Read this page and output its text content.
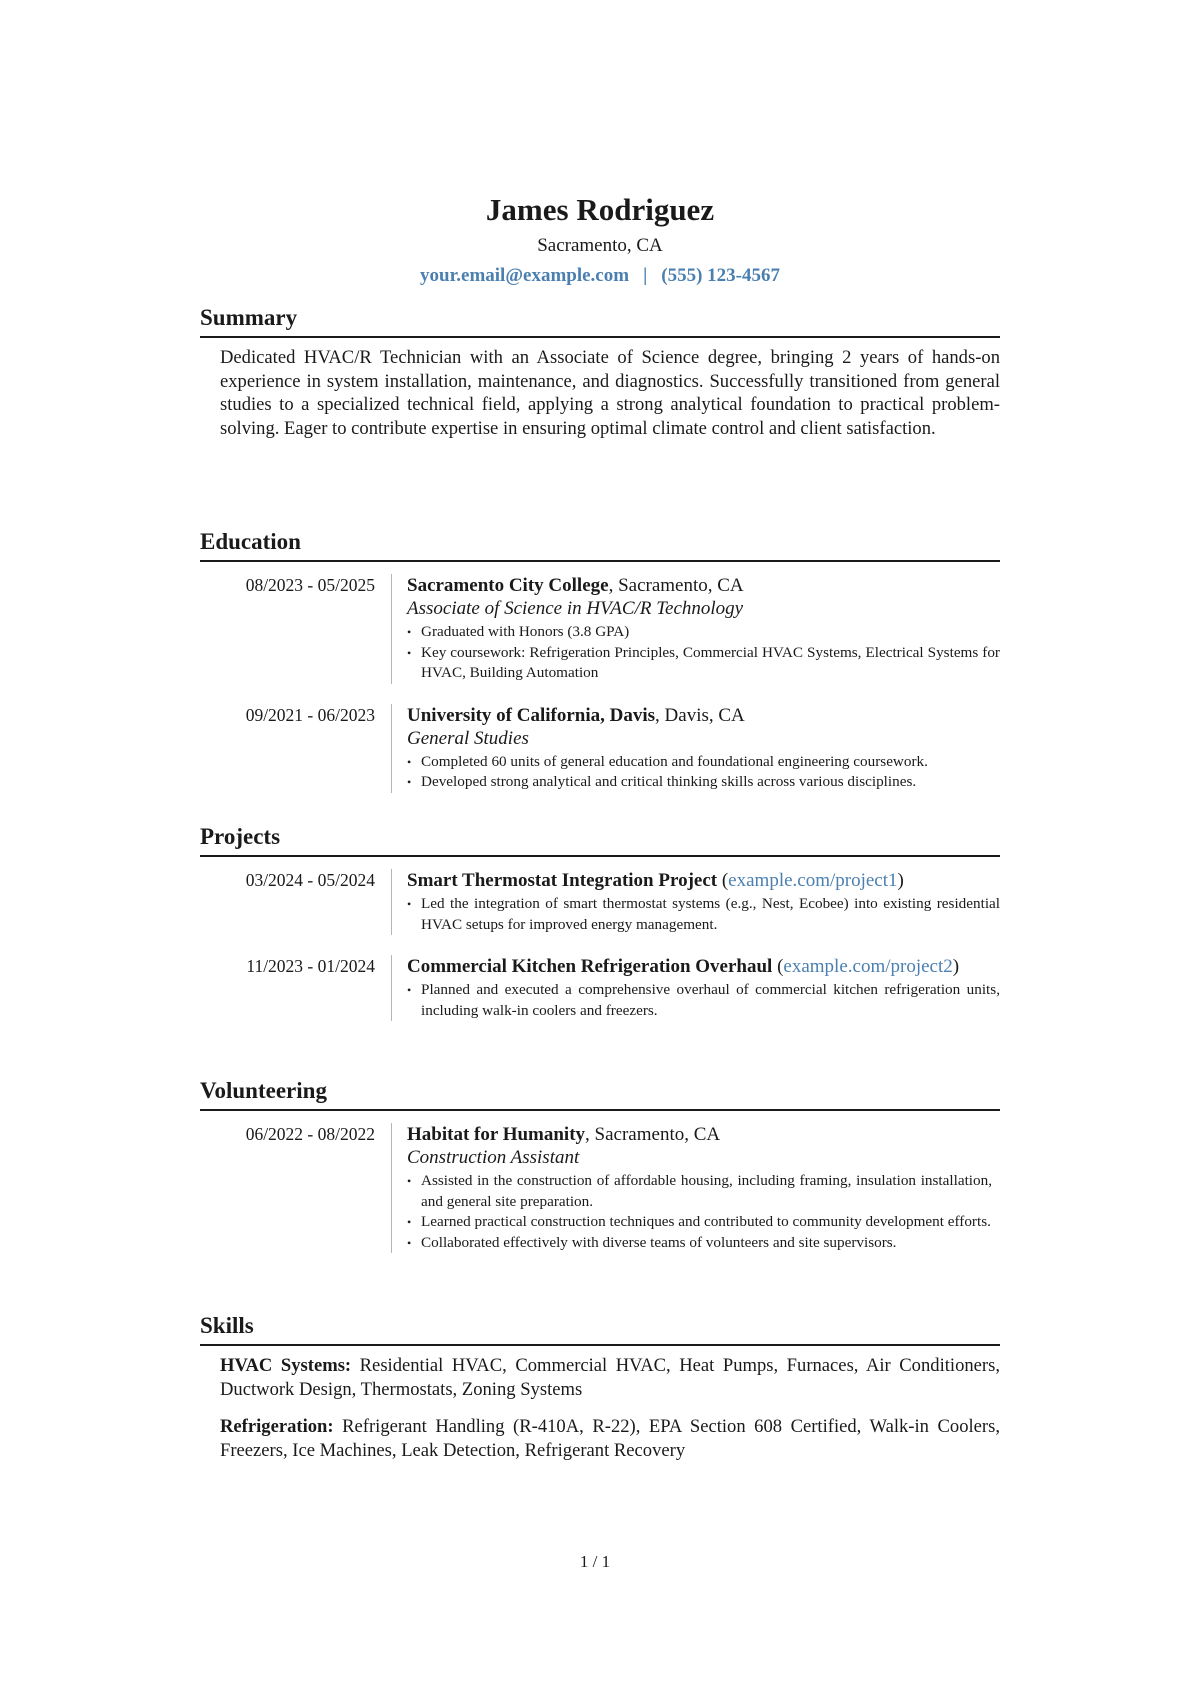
James Rodriguez
Sacramento, CA
your.email@example.com | (555) 123-4567
Summary
Dedicated HVAC/R Technician with an Associate of Science degree, bringing 2 years of hands-on experience in system installation, maintenance, and diagnostics. Successfully transitioned from general studies to a specialized technical field, applying a strong analytical foundation to practical problem-solving. Eager to contribute expertise in ensuring optimal climate control and client satisfaction.
Education
08/2023 - 05/2025	Sacramento City College, Sacramento, CA
Associate of Science in HVAC/R Technology
• Graduated with Honors (3.8 GPA)
• Key coursework: Refrigeration Principles, Commercial HVAC Systems, Electrical Systems for HVAC, Building Automation
09/2021 - 06/2023	University of California, Davis, Davis, CA
General Studies
• Completed 60 units of general education and foundational engineering coursework.
• Developed strong analytical and critical thinking skills across various disciplines.
Projects
03/2024 - 05/2024	Smart Thermostat Integration Project (example.com/project1)
• Led the integration of smart thermostat systems (e.g., Nest, Ecobee) into existing residential HVAC setups for improved energy management.
11/2023 - 01/2024	Commercial Kitchen Refrigeration Overhaul (example.com/project2)
• Planned and executed a comprehensive overhaul of commercial kitchen refrigeration units, including walk-in coolers and freezers.
Volunteering
06/2022 - 08/2022	Habitat for Humanity, Sacramento, CA
Construction Assistant
• Assisted in the construction of affordable housing, including framing, insulation installation, and general site preparation.
• Learned practical construction techniques and contributed to community development efforts.
• Collaborated effectively with diverse teams of volunteers and site supervisors.
Skills
HVAC Systems: Residential HVAC, Commercial HVAC, Heat Pumps, Furnaces, Air Conditioners, Ductwork Design, Thermostats, Zoning Systems
Refrigeration: Refrigerant Handling (R-410A, R-22), EPA Section 608 Certified, Walk-in Coolers, Freezers, Ice Machines, Leak Detection, Refrigerant Recovery
1 / 1
